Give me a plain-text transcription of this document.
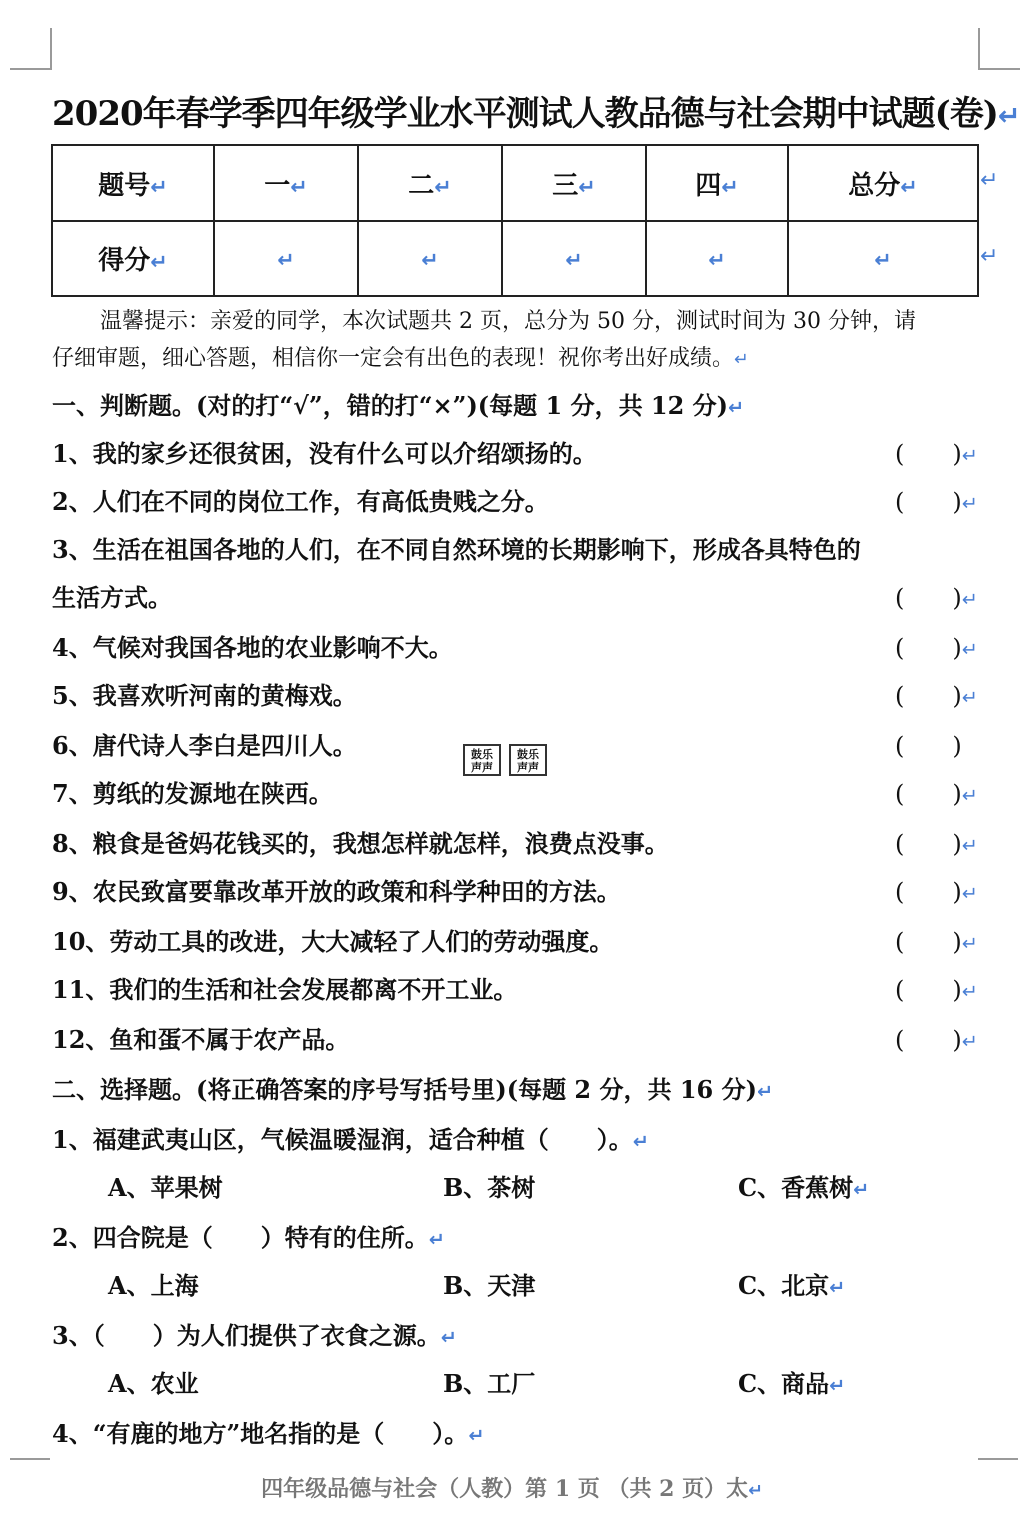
2020年春学季四年级学业水平测试人教品德与社会期中试题(卷)↵
题号↵	一↵	二↵	三↵	四↵	总分↵
得分↵	↵	↵	↵	↵	↵
↵
↵
温馨提示：亲爱的同学，本次试题共 2 页，总分为 50 分，测试时间为 30 分钟，请
仔细审题，细心答题，相信你一定会有出色的表现！祝你考出好成绩。↵
一、判断题。(对的打“√”，错的打“×”)(每题 1 分，共 12 分)↵
1、我的家乡还很贫困，没有什么可以介绍颂扬的。	(　　)↵
2、人们在不同的岗位工作，有高低贵贱之分。	(　　)↵
3、生活在祖国各地的人们，在不同自然环境的长期影响下，形成各具特色的
生活方式。	(　　)↵
4、气候对我国各地的农业影响不大。	(　　)↵
5、我喜欢听河南的黄梅戏。	(　　)↵
6、唐代诗人李白是四川人。	(　　)
鼓乐
声声
鼓乐
声声
7、剪纸的发源地在陕西。	(　　)↵
8、粮食是爸妈花钱买的，我想怎样就怎样，浪费点没事。	(　　)↵
9、农民致富要靠改革开放的政策和科学种田的方法。	(　　)↵
10、劳动工具的改进，大大减轻了人们的劳动强度。	(　　)↵
11、我们的生活和社会发展都离不开工业。	(　　)↵
12、鱼和蛋不属于农产品。	(　　)↵
二、选择题。(将正确答案的序号写括号里)(每题 2 分，共 16 分)↵
1、福建武夷山区，气候温暖湿润，适合种植（　　）。↵
A、苹果树	B、茶树	C、香蕉树↵
2、四合院是（　　）特有的住所。↵
A、上海	B、天津	C、北京↵
3、（　　）为人们提供了衣食之源。↵
A、农业	B、工厂	C、商品↵
4、“有鹿的地方”地名指的是（　　）。↵
四年级品德与社会（人教）第 1 页 （共 2 页）太↵
